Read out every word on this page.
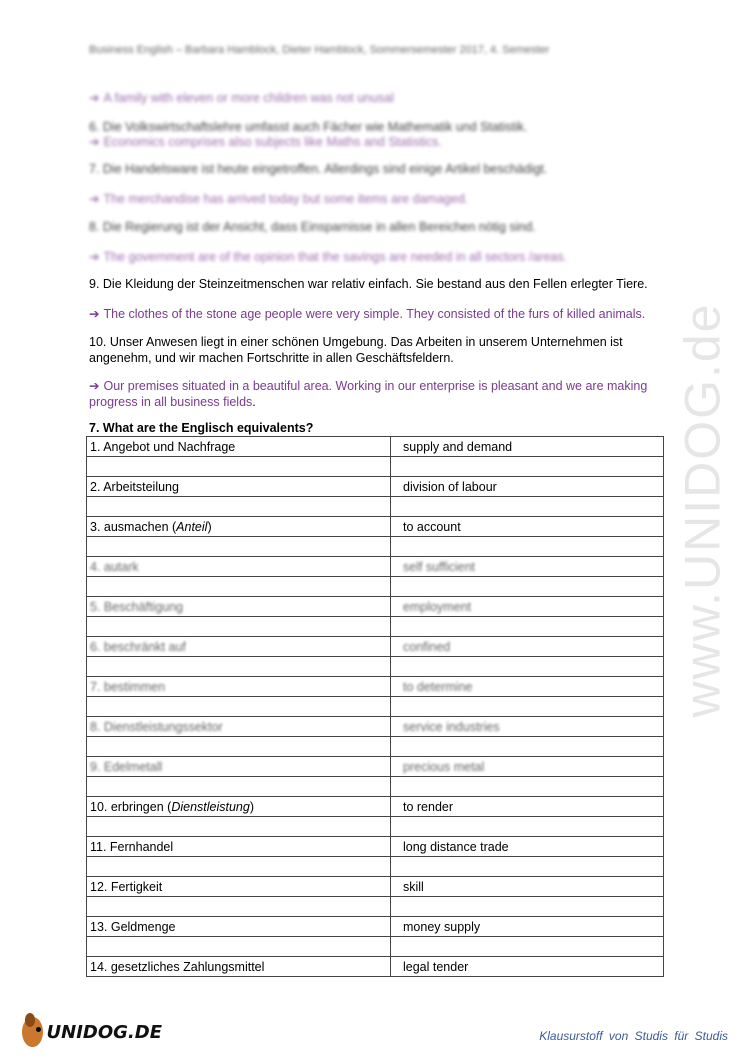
Business English – Barbara Hamblock, Dieter Hamblock, Sommersemester 2017, 4. Semester
➔ A family with eleven or more children was not unusal
6. Die Volkswirtschaftslehre umfasst auch Fächer wie Mathematik und Statistik.
➔ Economics comprises also subjects like Maths and Statistics.
7. Die Handelsware ist heute eingetroffen. Allerdings sind einige Artikel beschädigt.
➔ The merchandise has arrived today but some items are damaged.
8. Die Regierung ist der Ansicht, dass Einsparnisse in allen Bereichen nötig sind.
➔ The government are of the opinion that the savings are needed in all sectors /areas.
9. Die Kleidung der Steinzeitmenschen war relativ einfach. Sie bestand aus den Fellen erlegter Tiere.
➔ The clothes of the stone age people were very simple. They consisted of the furs of killed animals.
10. Unser Anwesen liegt in einer schönen Umgebung. Das Arbeiten in unserem Unternehmen ist angenehm, und wir machen Fortschritte in allen Geschäftsfeldern.
➔ Our premises situated in a beautiful area. Working in our enterprise is pleasant and we are making progress in all business fields.
7. What are the Englisch equivalents?
1. Angebot und Nachfrage	supply and demand

2. Arbeitsteilung	division of labour

3. ausmachen (Anteil)	to account

4. autark	self sufficient

5. Beschäftigung	employment

6. beschränkt auf	confined

7. bestimmen	to determine

8. Dienstleistungssektor	service industries

9. Edelmetall	precious metal

10. erbringen (Dienstleistung)	to render

11. Fernhandel	long distance trade

12. Fertigkeit	skill

13. Geldmenge	money supply

14. gesetzliches Zahlungsmittel	legal tender
www.UNIDOG.de
UNIDOG.DE	Klausurstoff von Studis für Studis
